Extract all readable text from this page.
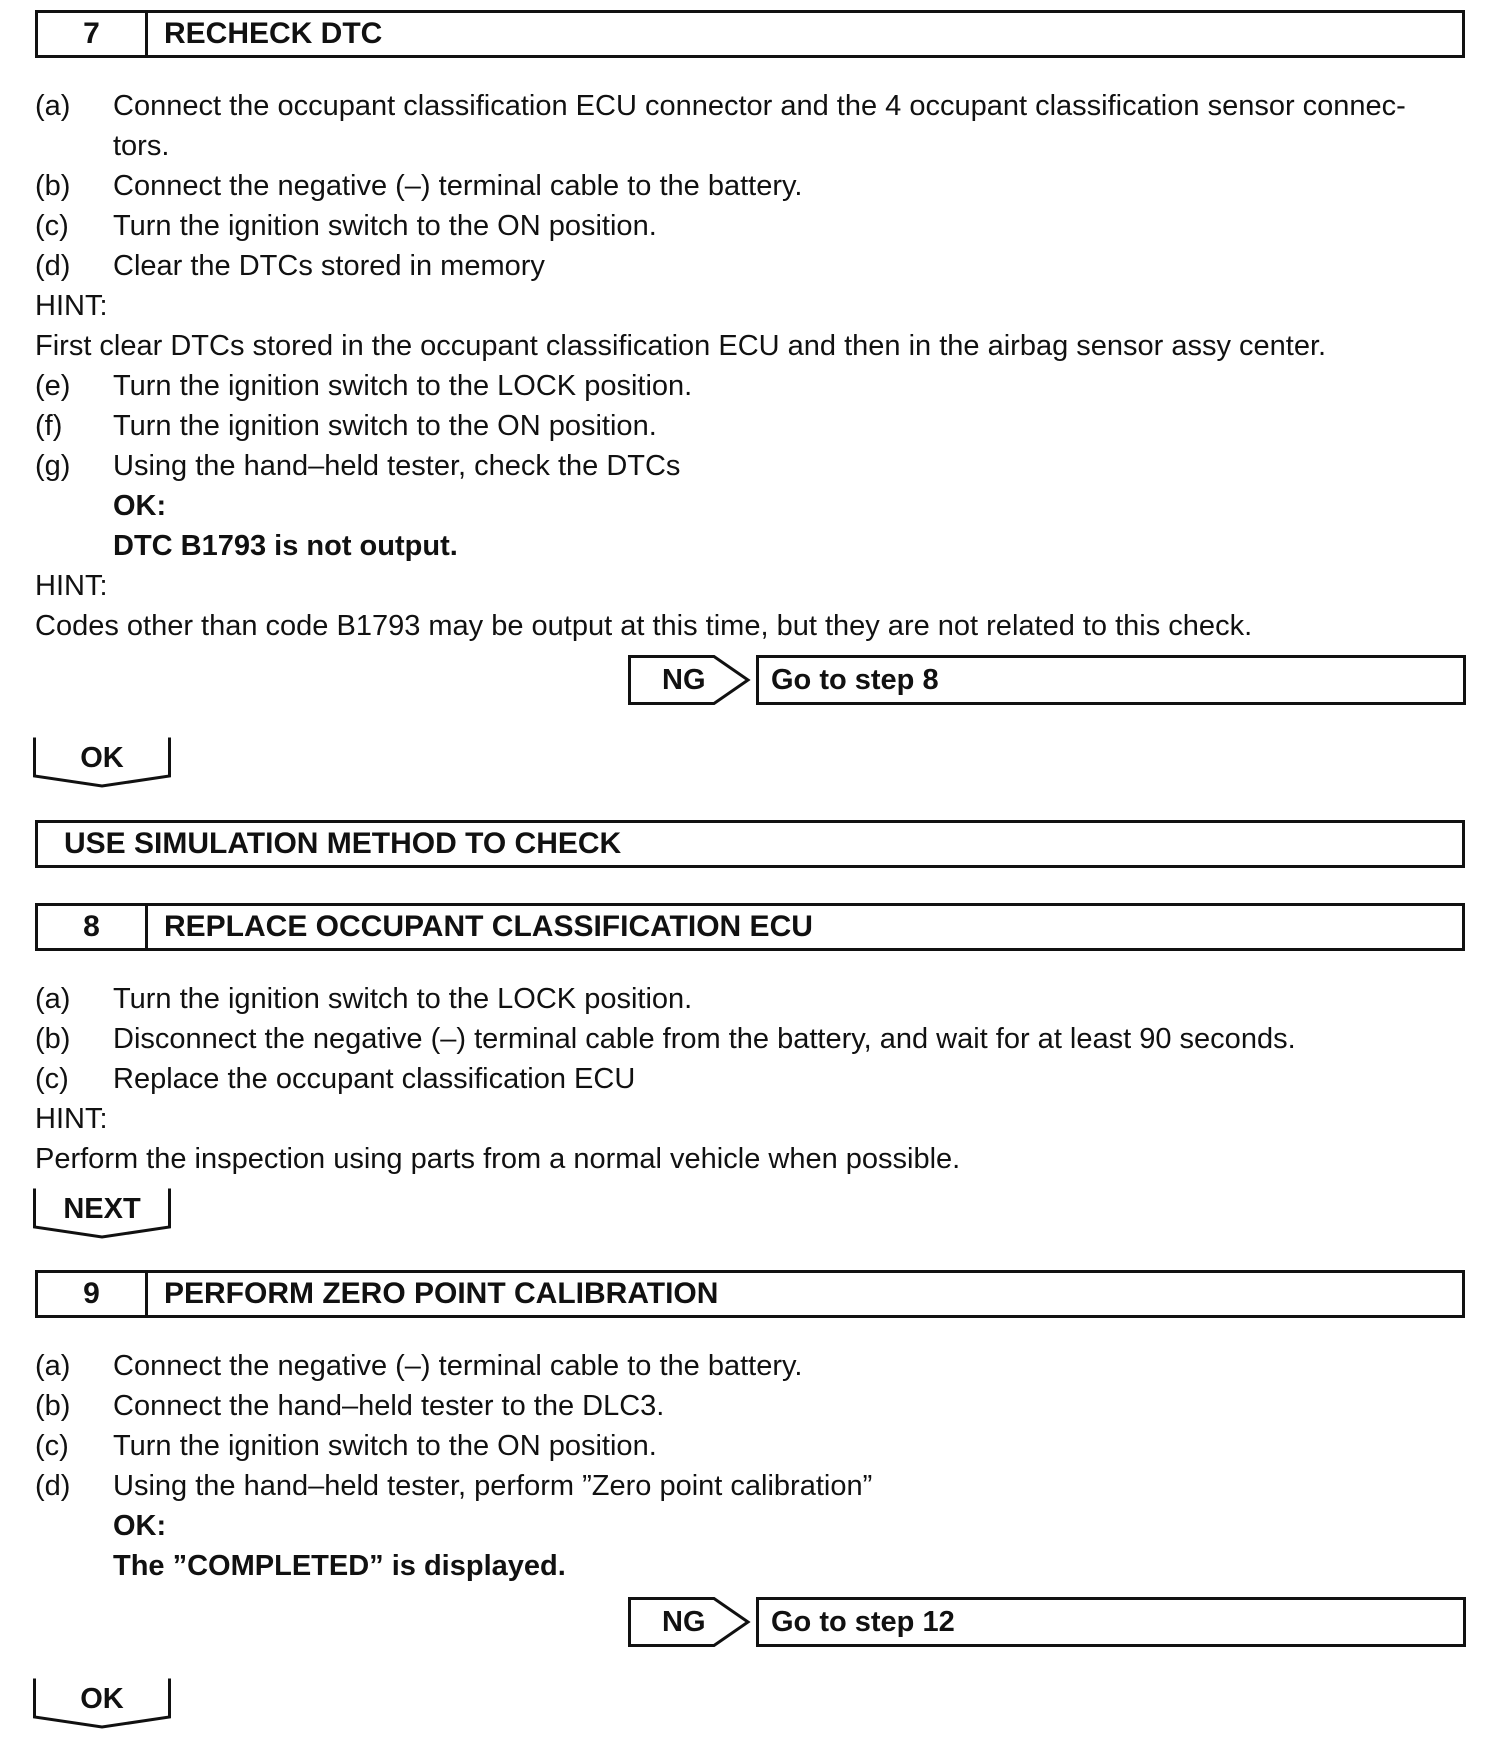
7	RECHECK DTC
(a) Connect the occupant classification ECU connector and the 4 occupant classification sensor connec-
tors.
(b) Connect the negative (–) terminal cable to the battery.
(c) Turn the ignition switch to the ON position.
(d) Clear the DTCs stored in memory
HINT:
First clear DTCs stored in the occupant classification ECU and then in the airbag sensor assy center.
(e) Turn the ignition switch to the LOCK position.
(f) Turn the ignition switch to the ON position.
(g) Using the hand–held tester, check the DTCs
OK:
DTC B1793 is not output.
HINT:
Codes other than code B1793 may be output at this time, but they are not related to this check.
NG Go to step 8
OK
USE SIMULATION METHOD TO CHECK
8	REPLACE OCCUPANT CLASSIFICATION ECU
(a) Turn the ignition switch to the LOCK position.
(b) Disconnect the negative (–) terminal cable from the battery, and wait for at least 90 seconds.
(c) Replace the occupant classification ECU
HINT:
Perform the inspection using parts from a normal vehicle when possible.
NEXT
9	PERFORM ZERO POINT CALIBRATION
(a) Connect the negative (–) terminal cable to the battery.
(b) Connect the hand–held tester to the DLC3.
(c) Turn the ignition switch to the ON position.
(d) Using the hand–held tester, perform ”Zero point calibration”
OK:
The ”COMPLETED” is displayed.
NG Go to step 12
OK
